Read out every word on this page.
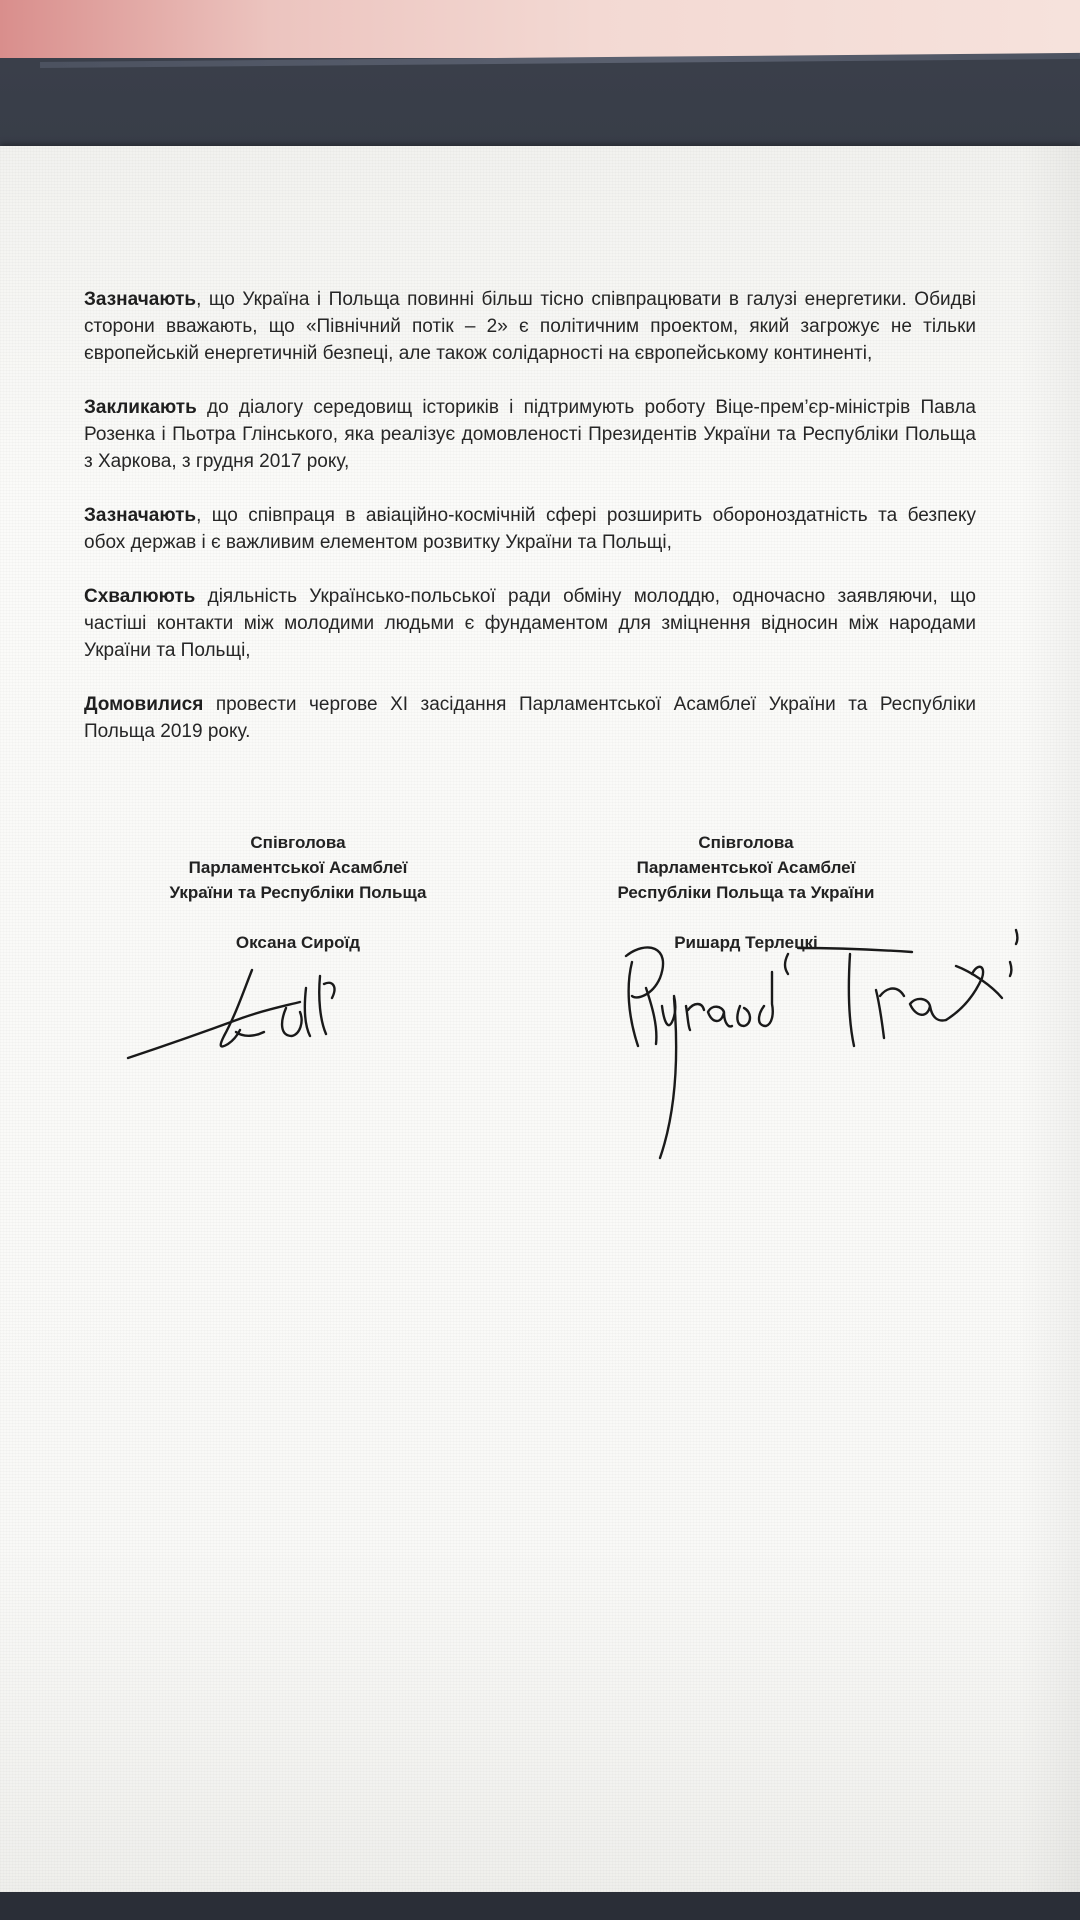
Зазначають, що Україна і Польща повинні більш тісно співпрацювати в галузі енергетики. Обидві сторони вважають, що «Північний потік – 2» є політичним проектом, який загрожує не тільки європейській енергетичній безпеці, але також солідарності на європейському континенті,

Закликають до діалогу середовищ істориків і підтримують роботу Віце-прем’єр-міністрів Павла Розенка і Пьотра Глінського, яка реалізує домовленості Президентів України та Республіки Польща з Харкова, з грудня 2017 року,

Зазначають, що співпраця в авіаційно-космічній сфері розширить обороноздатність та безпеку обох держав і є важливим елементом розвитку України та Польщі,

Схвалюють діяльність Українсько-польської ради обміну молоддю, одночасно заявляючи, що частіші контакти між молодими людьми є фундаментом для зміцнення відносин між народами України та Польщі,

Домовилися провести чергове XI засідання Парламентської Асамблеї України та Республіки Польща 2019 року.

Співголова
Парламентської Асамблеї
України та Республіки Польща
Оксана Сироїд
Співголова
Парламентської Асамблеї
Республіки Польща та України
Ришард Терлецкі
